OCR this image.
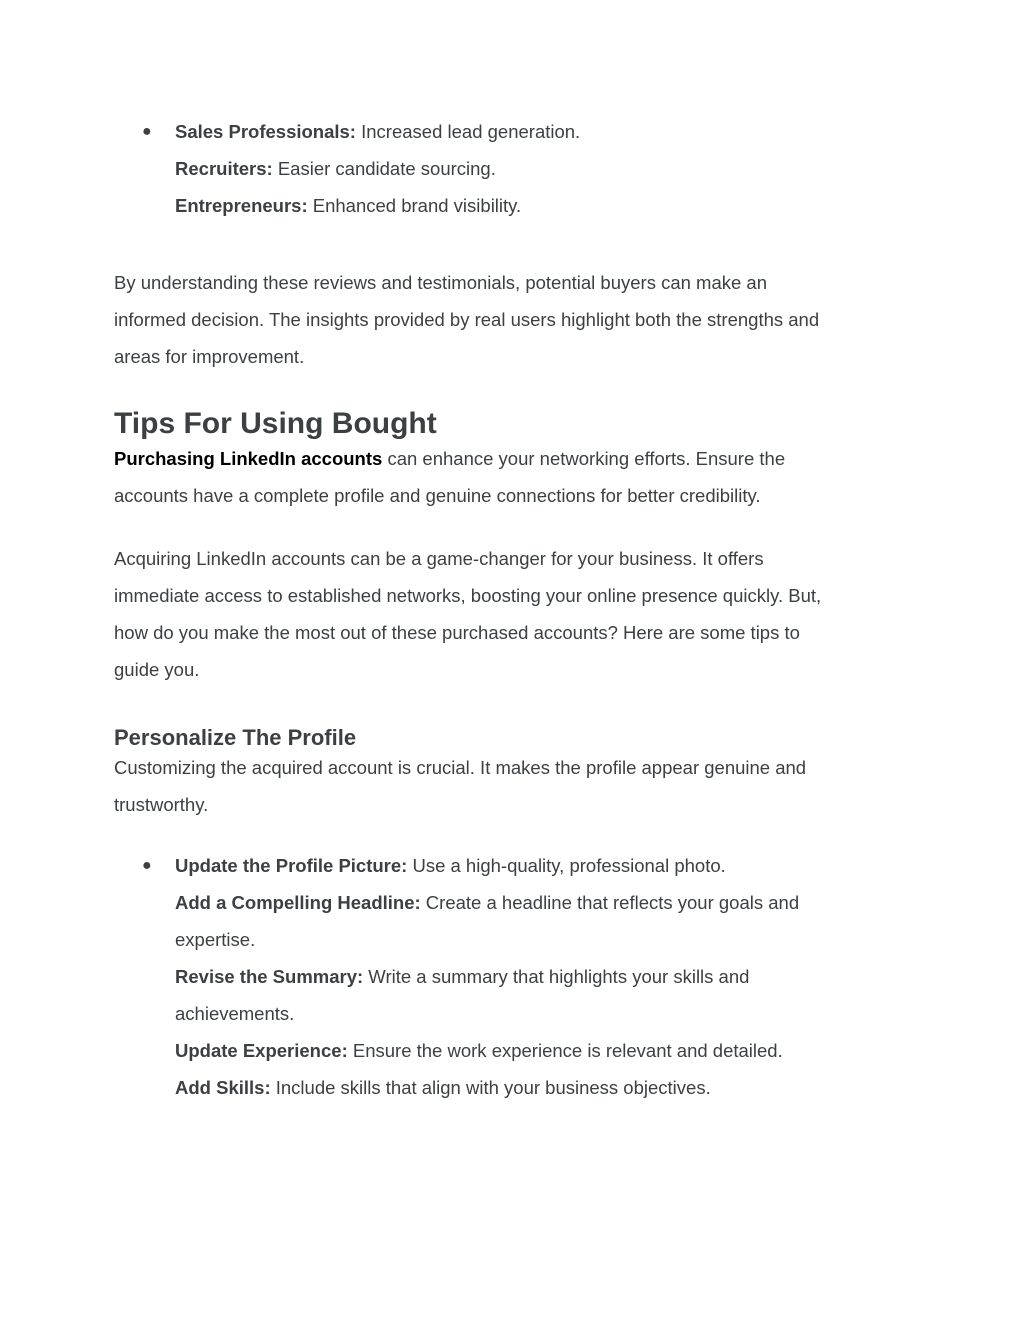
● Sales Professionals: Increased lead generation.

Recruiters: Easier candidate sourcing.

Entrepreneurs: Enhanced brand visibility.

By understanding these reviews and testimonials, potential buyers can make an

informed decision. The insights provided by real users highlight both the strengths and

areas for improvement.

Tips For Using Bought

Purchasing LinkedIn accounts can enhance your networking efforts. Ensure the

accounts have a complete profile and genuine connections for better credibility.

Acquiring LinkedIn accounts can be a game-changer for your business. It offers

immediate access to established networks, boosting your online presence quickly. But,

how do you make the most out of these purchased accounts? Here are some tips to

guide you.

Personalize The Profile

Customizing the acquired account is crucial. It makes the profile appear genuine and

trustworthy.

● Update the Profile Picture: Use a high-quality, professional photo.

Add a Compelling Headline: Create a headline that reflects your goals and

expertise.

Revise the Summary: Write a summary that highlights your skills and

achievements.

Update Experience: Ensure the work experience is relevant and detailed.

Add Skills: Include skills that align with your business objectives.
